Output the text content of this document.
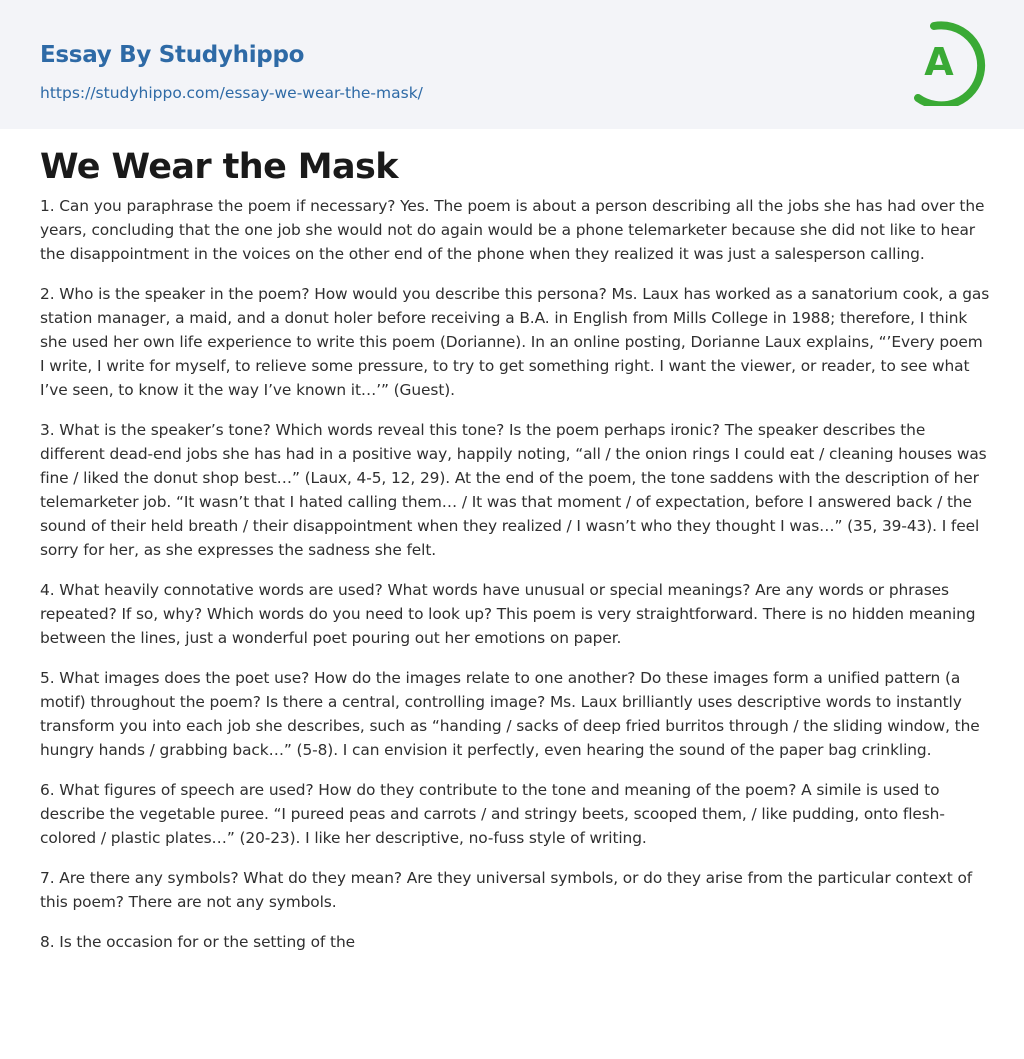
Essay By Studyhippo
https://studyhippo.com/essay-we-wear-the-mask/
A
We Wear the Mask

1. Can you paraphrase the poem if necessary? Yes. The poem is about a person describing all the jobs she has had over the years, concluding that the one job she would not do again would be a phone telemarketer because she did not like to hear the disappointment in the voices on the other end of the phone when they realized it was just a salesperson calling.

2. Who is the speaker in the poem? How would you describe this persona? Ms. Laux has worked as a sanatorium cook, a gas station manager, a maid, and a donut holer before receiving a B.A. in English from Mills College in 1988; therefore, I think she used her own life experience to write this poem (Dorianne). In an online posting, Dorianne Laux explains, “’Every poem I write, I write for myself, to relieve some pressure, to try to get something right. I want the viewer, or reader, to see what I’ve seen, to know it the way I’ve known it…’” (Guest).

3. What is the speaker’s tone? Which words reveal this tone? Is the poem perhaps ironic? The speaker describes the different dead-end jobs she has had in a positive way, happily noting, “all / the onion rings I could eat / cleaning houses was fine / liked the donut shop best…” (Laux, 4-5, 12, 29). At the end of the poem, the tone saddens with the description of her telemarketer job. “It wasn’t that I hated calling them… / It was that moment / of expectation, before I answered back / the sound of their held breath / their disappointment when they realized / I wasn’t who they thought I was…” (35, 39-43). I feel sorry for her, as she expresses the sadness she felt.

4. What heavily connotative words are used? What words have unusual or special meanings? Are any words or phrases repeated? If so, why? Which words do you need to look up? This poem is very straightforward. There is no hidden meaning between the lines, just a wonderful poet pouring out her emotions on paper.

5. What images does the poet use? How do the images relate to one another? Do these images form a unified pattern (a motif) throughout the poem? Is there a central, controlling image? Ms. Laux brilliantly uses descriptive words to instantly transform you into each job she describes, such as “handing / sacks of deep fried burritos through / the sliding window, the hungry hands / grabbing back…” (5-8). I can envision it perfectly, even hearing the sound of the paper bag crinkling.

6. What figures of speech are used? How do they contribute to the tone and meaning of the poem? A simile is used to describe the vegetable puree. “I pureed peas and carrots / and stringy beets, scooped them, / like pudding, onto flesh-colored / plastic plates…” (20-23). I like her descriptive, no-fuss style of writing.

7. Are there any symbols? What do they mean? Are they universal symbols, or do they arise from the particular context of this poem? There are not any symbols.

8. Is the occasion for or the setting of the
